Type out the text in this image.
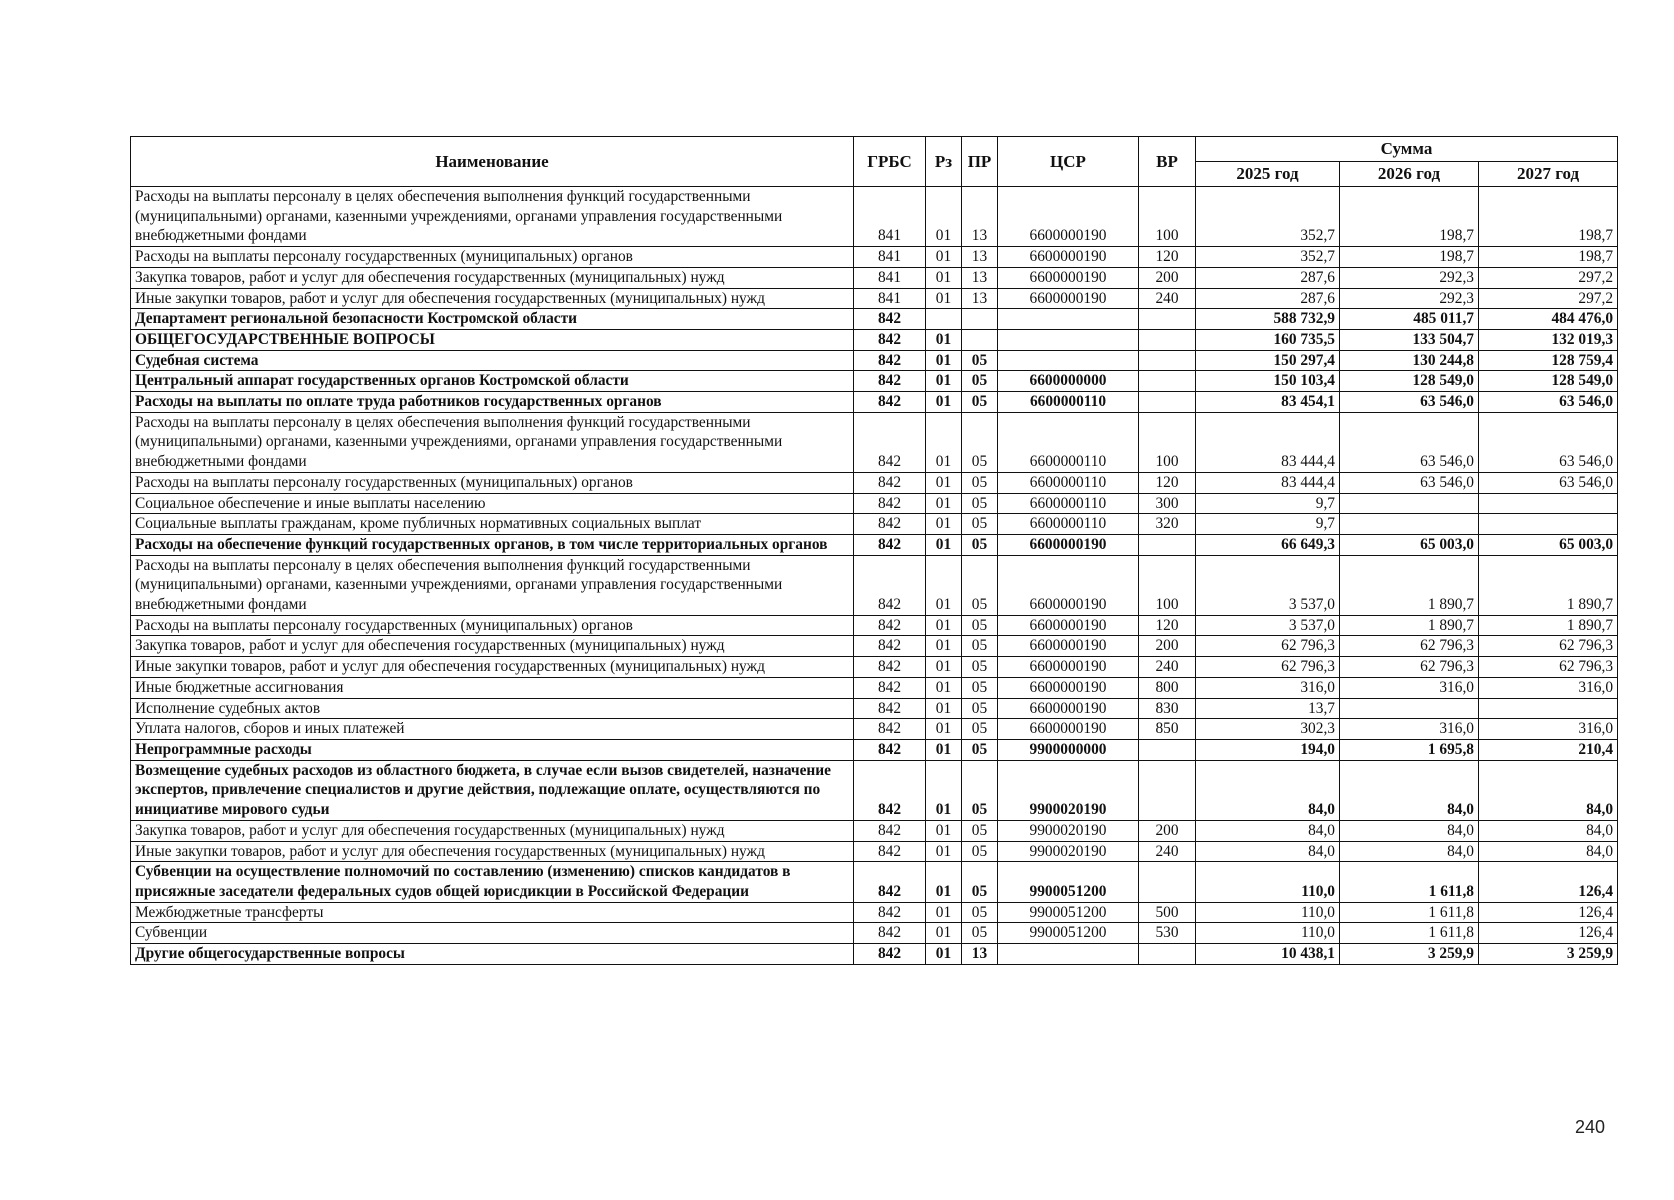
Наименование	ГРБС	Рз	ПР	ЦСР	ВР	Сумма		
						2025 год	2026 год	2027 год
Расходы на выплаты персоналу в целях обеспечения выполнения функций государственными (муниципальными) органами, казенными учреждениями, органами управления государственными внебюджетными фондами	841	01	13	6600000190	100	352,7	198,7	198,7
Расходы на выплаты персоналу государственных (муниципальных) органов	841	01	13	6600000190	120	352,7	198,7	198,7
Закупка товаров, работ и услуг для обеспечения государственных (муниципальных) нужд	841	01	13	6600000190	200	287,6	292,3	297,2
Иные закупки товаров, работ и услуг для обеспечения государственных (муниципальных) нужд	841	01	13	6600000190	240	287,6	292,3	297,2
Департамент региональной безопасности Костромской области	842					588 732,9	485 011,7	484 476,0
ОБЩЕГОСУДАРСТВЕННЫЕ ВОПРОСЫ	842	01				160 735,5	133 504,7	132 019,3
Судебная система	842	01	05			150 297,4	130 244,8	128 759,4
Центральный аппарат государственных органов Костромской области	842	01	05	6600000000		150 103,4	128 549,0	128 549,0
Расходы на выплаты по оплате труда работников государственных органов	842	01	05	6600000110		83 454,1	63 546,0	63 546,0
Расходы на выплаты персоналу в целях обеспечения выполнения функций государственными (муниципальными) органами, казенными учреждениями, органами управления государственными внебюджетными фондами	842	01	05	6600000110	100	83 444,4	63 546,0	63 546,0
Расходы на выплаты персоналу государственных (муниципальных) органов	842	01	05	6600000110	120	83 444,4	63 546,0	63 546,0
Социальное обеспечение и иные выплаты населению	842	01	05	6600000110	300	9,7		
Социальные выплаты гражданам, кроме публичных нормативных социальных выплат	842	01	05	6600000110	320	9,7		
Расходы на обеспечение функций государственных органов, в том числе территориальных органов	842	01	05	6600000190		66 649,3	65 003,0	65 003,0
Расходы на выплаты персоналу в целях обеспечения выполнения функций государственными (муниципальными) органами, казенными учреждениями, органами управления государственными внебюджетными фондами	842	01	05	6600000190	100	3 537,0	1 890,7	1 890,7
Расходы на выплаты персоналу государственных (муниципальных) органов	842	01	05	6600000190	120	3 537,0	1 890,7	1 890,7
Закупка товаров, работ и услуг для обеспечения государственных (муниципальных) нужд	842	01	05	6600000190	200	62 796,3	62 796,3	62 796,3
Иные закупки товаров, работ и услуг для обеспечения государственных (муниципальных) нужд	842	01	05	6600000190	240	62 796,3	62 796,3	62 796,3
Иные бюджетные ассигнования	842	01	05	6600000190	800	316,0	316,0	316,0
Исполнение судебных актов	842	01	05	6600000190	830	13,7		
Уплата налогов, сборов и иных платежей	842	01	05	6600000190	850	302,3	316,0	316,0
Непрограммные расходы	842	01	05	9900000000		194,0	1 695,8	210,4
Возмещение судебных расходов из областного бюджета, в случае если вызов свидетелей, назначение экспертов, привлечение специалистов и другие действия, подлежащие оплате, осуществляются по инициативе мирового судьи	842	01	05	9900020190		84,0	84,0	84,0
Закупка товаров, работ и услуг для обеспечения государственных (муниципальных) нужд	842	01	05	9900020190	200	84,0	84,0	84,0
Иные закупки товаров, работ и услуг для обеспечения государственных (муниципальных) нужд	842	01	05	9900020190	240	84,0	84,0	84,0
Субвенции на осуществление полномочий по составлению (изменению) списков кандидатов в присяжные заседатели федеральных судов общей юрисдикции в Российской Федерации	842	01	05	9900051200		110,0	1 611,8	126,4
Межбюджетные трансферты	842	01	05	9900051200	500	110,0	1 611,8	126,4
Субвенции	842	01	05	9900051200	530	110,0	1 611,8	126,4
Другие общегосударственные вопросы	842	01	13			10 438,1	3 259,9	3 259,9
240
